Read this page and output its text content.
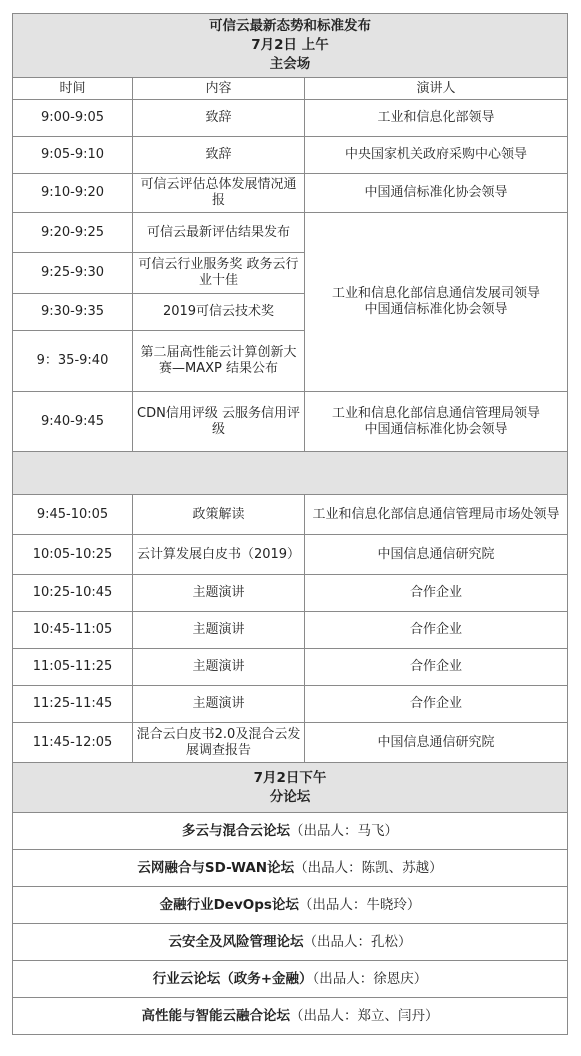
可信云最新态势和标准发布
7月2日 上午
主会场		

时间	内容	演讲人
9:00-9:05	致辞	工业和信息化部领导
9:05-9:10	致辞	中央国家机关政府采购中心领导
9:10-9:20	可信云评估总体发展情况通报	中国通信标准化协会领导
9:20-9:25	可信云最新评估结果发布	工业和信息化部信息通信发展司领导
中国通信标准化协会领导

9:25-9:30	可信云行业服务奖 政务云行业十佳	
9:30-9:35	2019可信云技术奖	
9：35-9:40	第二届高性能云计算创新大赛—MAXP 结果公布	
9:40-9:45	CDN信用评级 云服务信用评级	工业和信息化部信息通信管理局领导
中国通信标准化协会领导

9:45-10:05	政策解读	工业和信息化部信息通信管理局市场处领导
10:05-10:25	云计算发展白皮书（2019）	中国信息通信研究院
10:25-10:45	主题演讲	合作企业
10:45-11:05	主题演讲	合作企业
11:05-11:25	主题演讲	合作企业
11:25-11:45	主题演讲	合作企业
11:45-12:05	混合云白皮书2.0及混合云发展调查报告	中国信息通信研究院

7月2日下午
分论坛		

多云与混合云论坛（出品人：马飞）		
云网融合与SD-WAN论坛（出品人：陈凯、苏越）		
金融行业DevOps论坛（出品人：牛晓玲）		
云安全及风险管理论坛（出品人：孔松）		
行业云论坛（政务+金融）（出品人：徐恩庆）		
高性能与智能云融合论坛（出品人：郑立、闫丹）		
